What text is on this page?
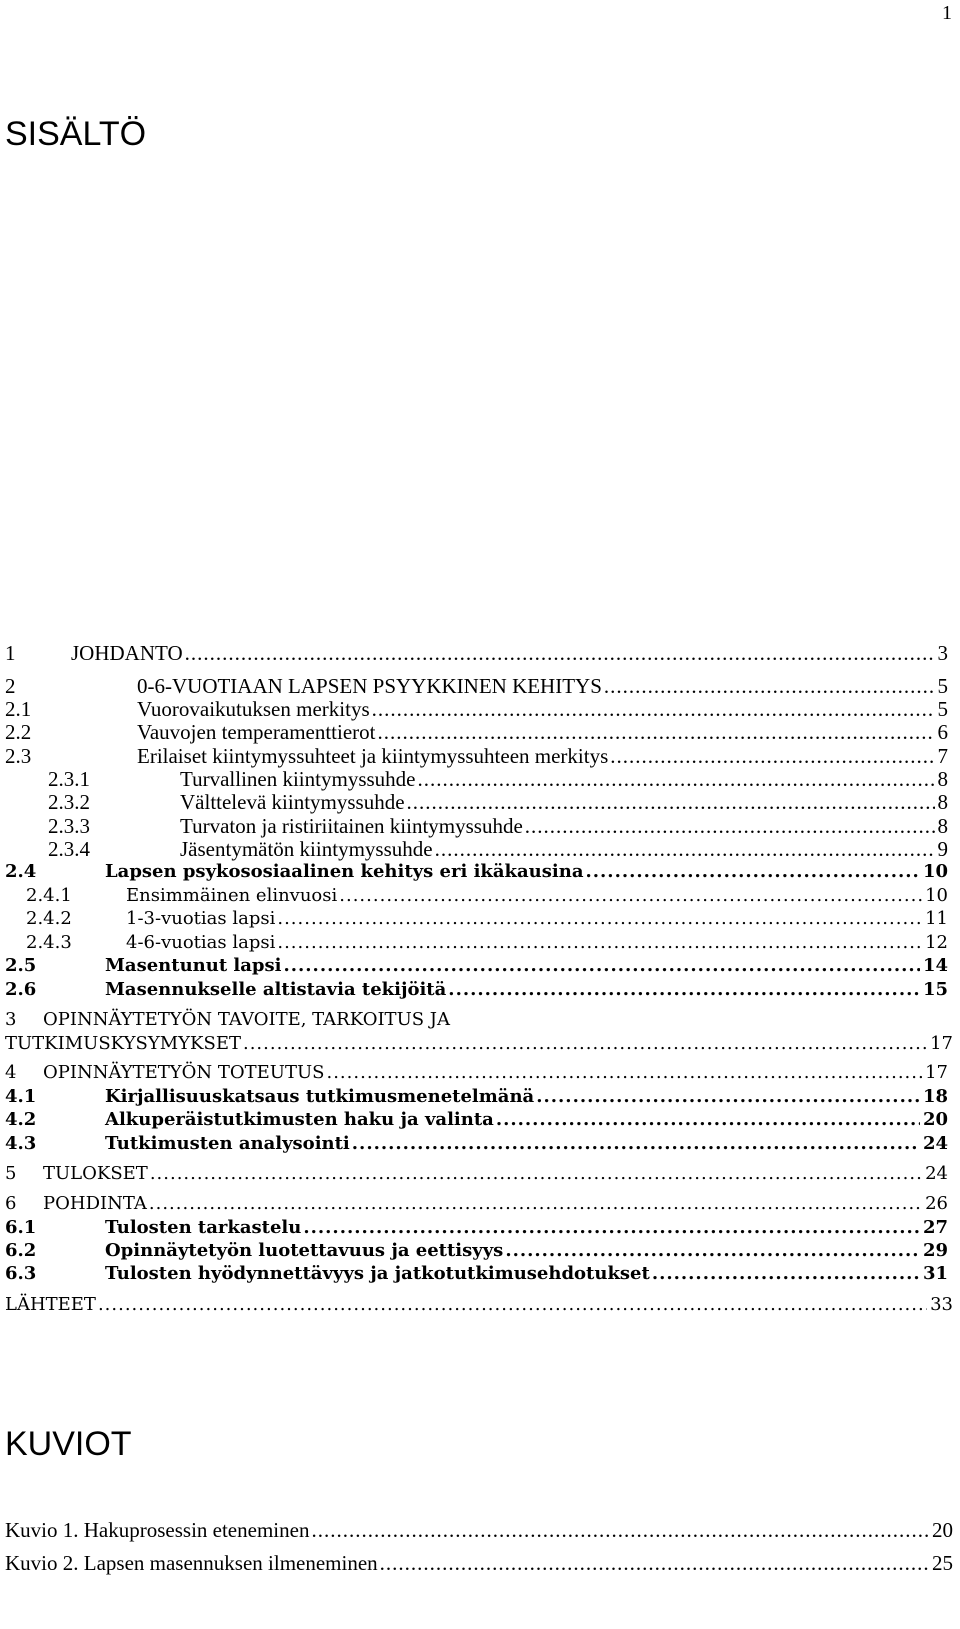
1
SISÄLTÖ
KUVIOT
1	JOHDANTO .....	3
2	0-6-VUOTIAAN LAPSEN PSYYKKINEN KEHITYS .....	5
2.1	Vuorovaikutuksen merkitys .....	5
2.2	Vauvojen temperamenttierot .....	6
2.3	Erilaiset kiintymyssuhteet ja kiintymyssuhteen merkitys .....	7
2.3.1	Turvallinen kiintymyssuhde .....	8
2.3.2	Välttelevä kiintymyssuhde .....	8
2.3.3	Turvaton ja ristiriitainen kiintymyssuhde .....	8
2.3.4	Jäsentymätön kiintymyssuhde .....	9
2.4	Lapsen psykososiaalinen kehitys eri ikäkausina .....	10
2.4.1	Ensimmäinen elinvuosi .....	10
2.4.2	1-3-vuotias lapsi .....	11
2.4.3	4-6-vuotias lapsi .....	12
2.5	Masentunut lapsi .....	14
2.6	Masennukselle altistavia tekijöitä .....	15
3	OPINNÄYTETYÖN TAVOITE, TARKOITUS JA
TUTKIMUSKYSYMYKSET .....	17
4	OPINNÄYTETYÖN TOTEUTUS .....	17
4.1	Kirjallisuuskatsaus tutkimusmenetelmänä .....	18
4.2	Alkuperäistutkimusten haku ja valinta .....	20
4.3	Tutkimusten analysointi .....	24
5	TULOKSET .....	24
6	POHDINTA .....	26
6.1	Tulosten tarkastelu .....	27
6.2	Opinnäytetyön luotettavuus ja eettisyys .....	29
6.3	Tulosten hyödynnettävyys ja jatkotutkimusehdotukset .....	31
LÄHTEET .....	33
Kuvio 1. Hakuprosessin eteneminen .....	20
Kuvio 2. Lapsen masennuksen ilmeneminen .....	25
